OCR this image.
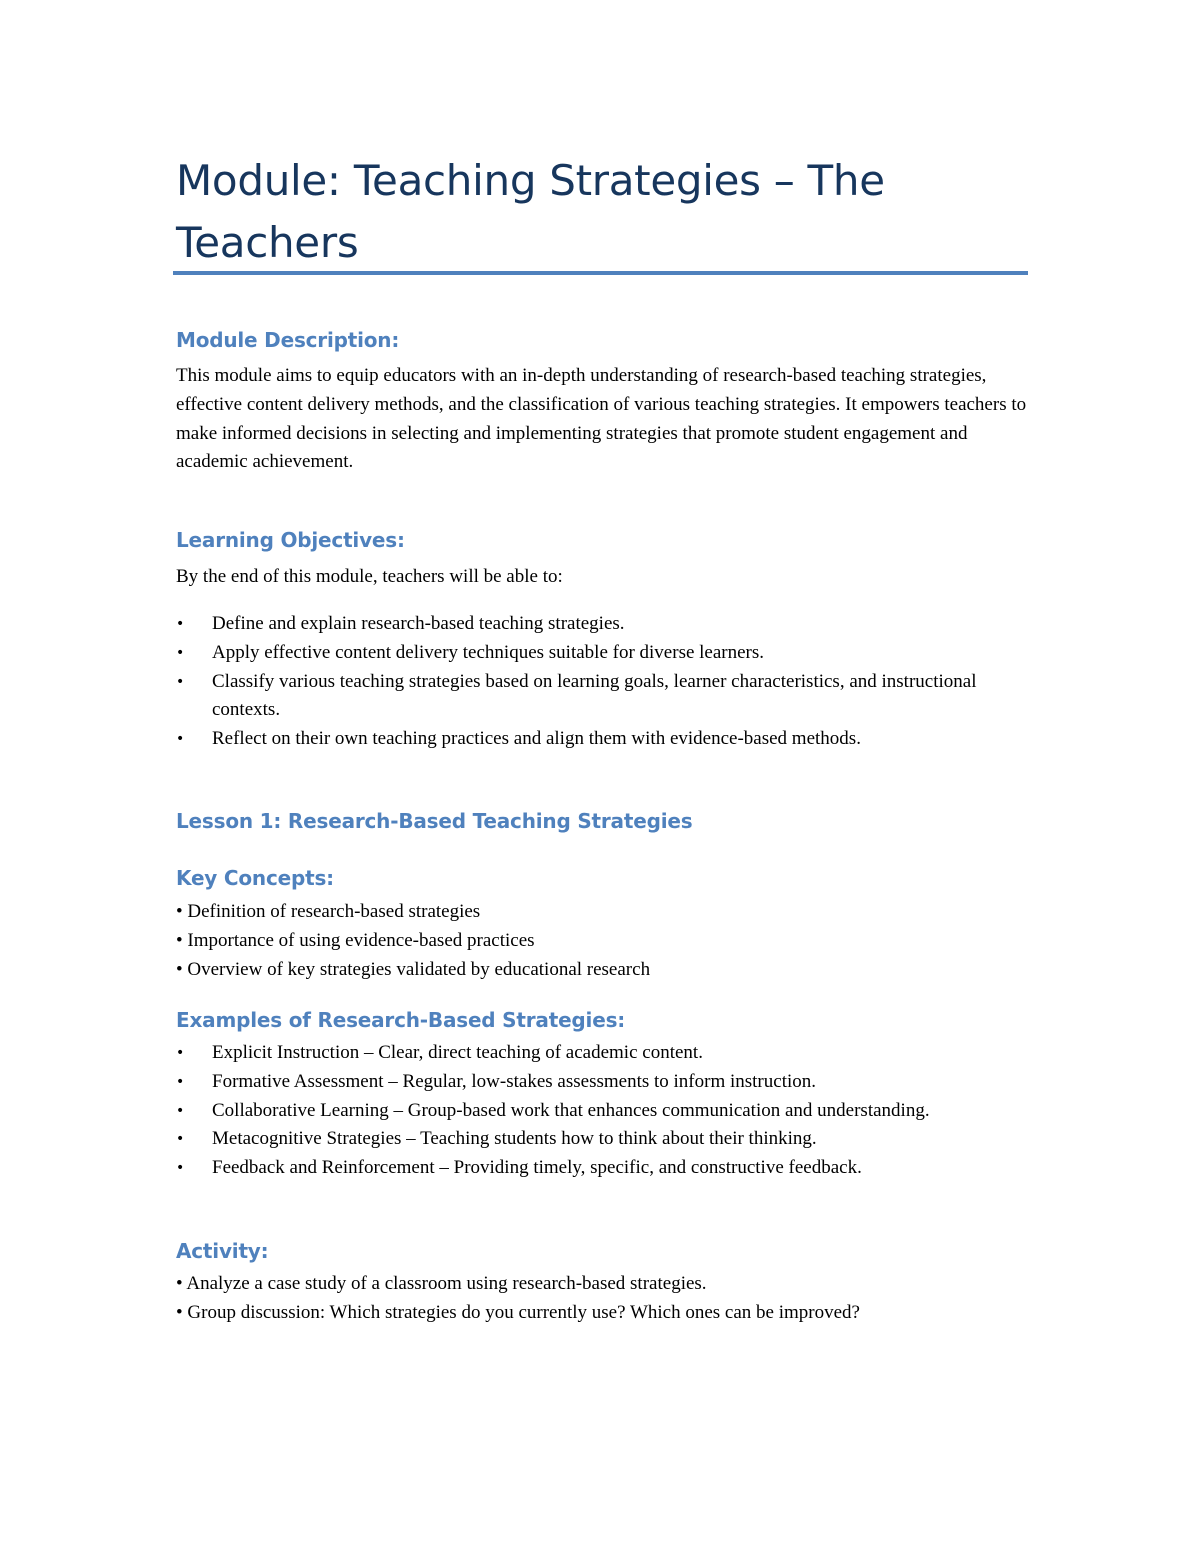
Module: Teaching Strategies – The
Teachers
Module Description:

This module aims to equip educators with an in-depth understanding of research-based teaching strategies, effective content delivery methods, and the classification of various teaching strategies. It empowers teachers to make informed decisions in selecting and implementing strategies that promote student engagement and academic achievement.

Learning Objectives:

By the end of this module, teachers will be able to:

• Define and explain research-based teaching strategies.
• Apply effective content delivery techniques suitable for diverse learners.
• Classify various teaching strategies based on learning goals, learner characteristics, and instructional contexts.
• Reflect on their own teaching practices and align them with evidence-based methods.
Lesson 1: Research-Based Teaching Strategies
Key Concepts:
• Definition of research-based strategies
• Importance of using evidence-based practices
• Overview of key strategies validated by educational research
Examples of Research-Based Strategies:
• Explicit Instruction – Clear, direct teaching of academic content.
• Formative Assessment – Regular, low-stakes assessments to inform instruction.
• Collaborative Learning – Group-based work that enhances communication and understanding.
• Metacognitive Strategies – Teaching students how to think about their thinking.
• Feedback and Reinforcement – Providing timely, specific, and constructive feedback.
Activity:
• Analyze a case study of a classroom using research-based strategies.
• Group discussion: Which strategies do you currently use? Which ones can be improved?
